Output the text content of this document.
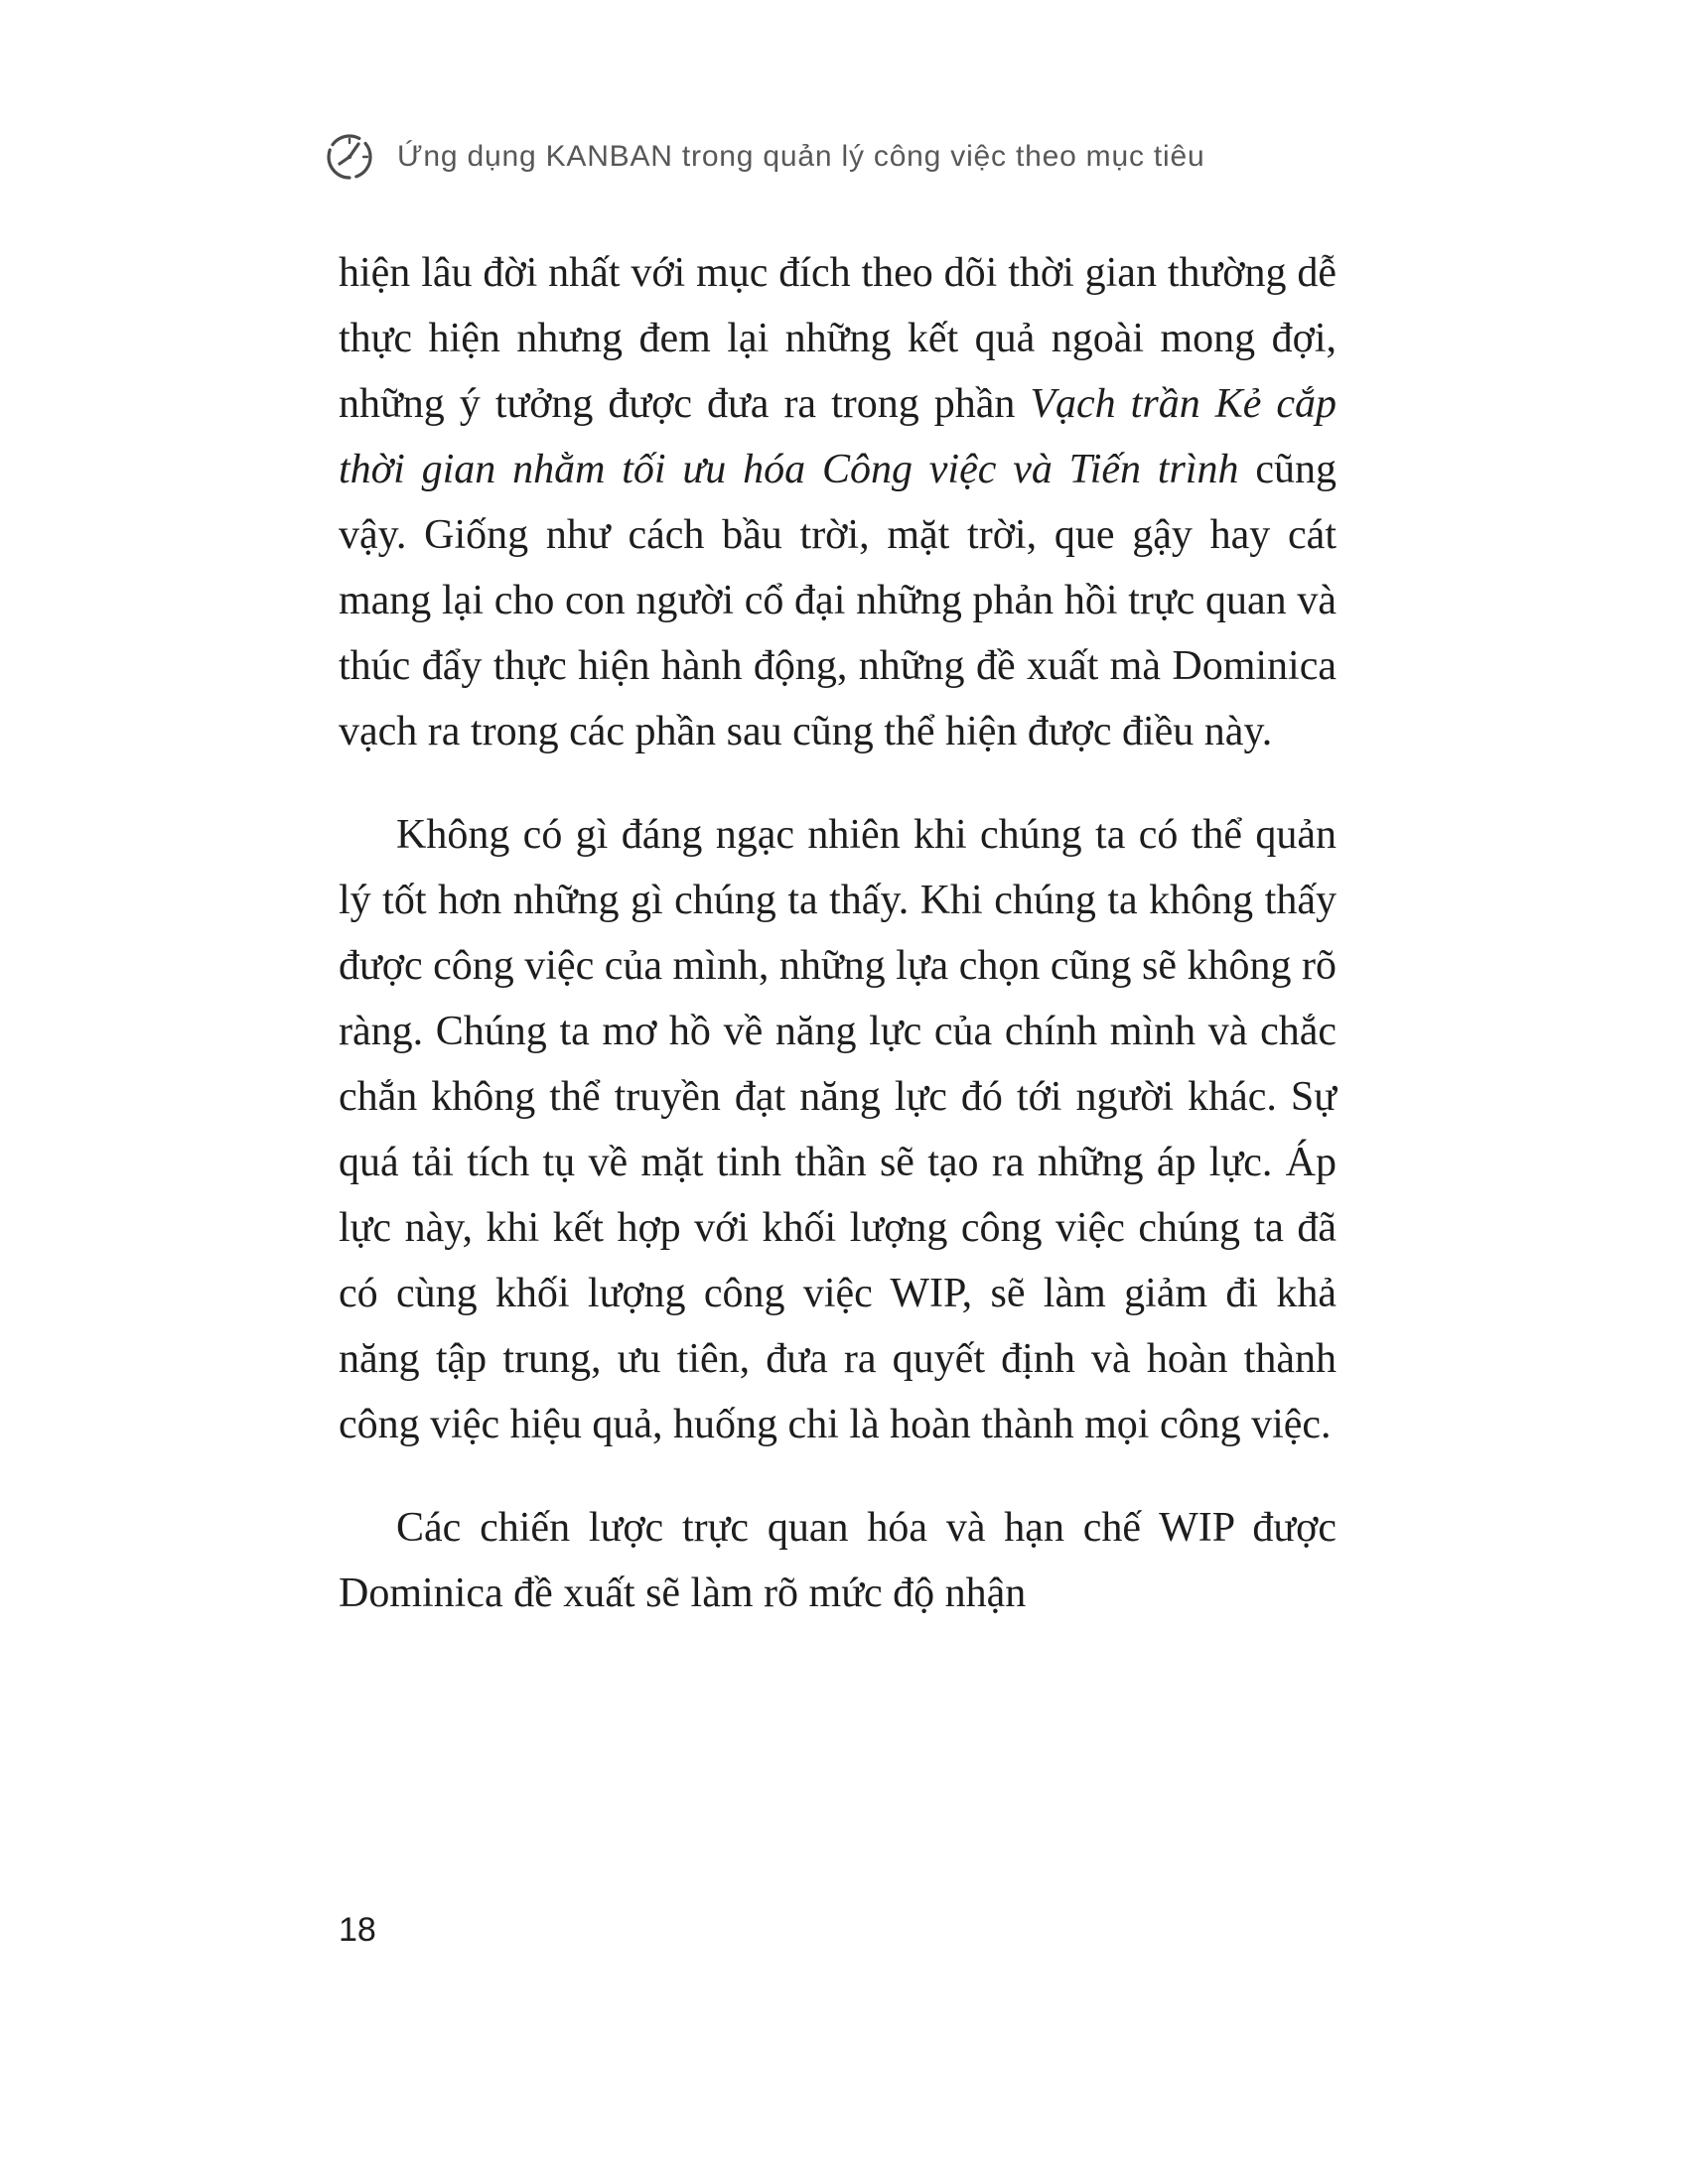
Ứng dụng KANBAN trong quản lý công việc theo mục tiêu

hiện lâu đời nhất với mục đích theo dõi thời gian thường dễ thực hiện nhưng đem lại những kết quả ngoài mong đợi, những ý tưởng được đưa ra trong phần Vạch trần Kẻ cắp thời gian nhằm tối ưu hóa Công việc và Tiến trình cũng vậy. Giống như cách bầu trời, mặt trời, que gậy hay cát mang lại cho con người cổ đại những phản hồi trực quan và thúc đẩy thực hiện hành động, những đề xuất mà Dominica vạch ra trong các phần sau cũng thể hiện được điều này.

Không có gì đáng ngạc nhiên khi chúng ta có thể quản lý tốt hơn những gì chúng ta thấy. Khi chúng ta không thấy được công việc của mình, những lựa chọn cũng sẽ không rõ ràng. Chúng ta mơ hồ về năng lực của chính mình và chắc chắn không thể truyền đạt năng lực đó tới người khác. Sự quá tải tích tụ về mặt tinh thần sẽ tạo ra những áp lực. Áp lực này, khi kết hợp với khối lượng công việc chúng ta đã có cùng khối lượng công việc WIP, sẽ làm giảm đi khả năng tập trung, ưu tiên, đưa ra quyết định và hoàn thành công việc hiệu quả, huống chi là hoàn thành mọi công việc.

Các chiến lược trực quan hóa và hạn chế WIP được Dominica đề xuất sẽ làm rõ mức độ nhận

18
